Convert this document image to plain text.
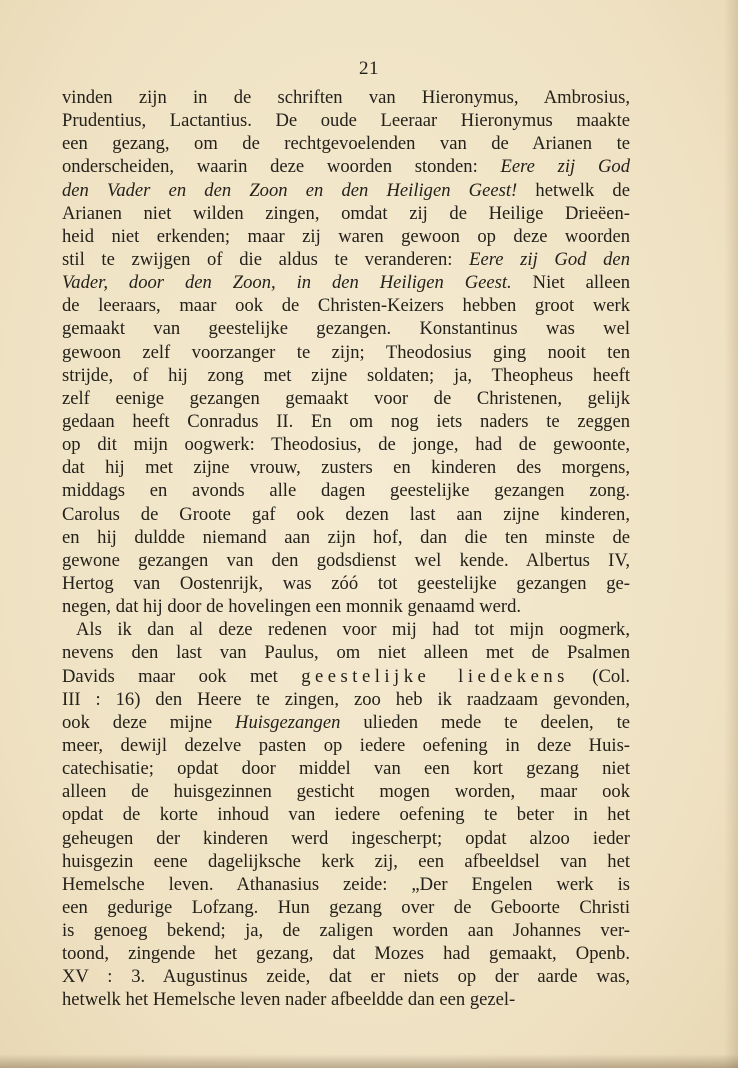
21
vinden zijn in de schriften van Hieronymus, Ambrosius,
Prudentius, Lactantius. De oude Leeraar Hieronymus maakte
een gezang, om de rechtgevoelenden van de Arianen te
onderscheiden, waarin deze woorden stonden: Eere zij God
den Vader en den Zoon en den Heiligen Geest! hetwelk de
Arianen niet wilden zingen, omdat zij de Heilige Drieëen-
heid niet erkenden; maar zij waren gewoon op deze woorden
stil te zwijgen of die aldus te veranderen: Eere zij God den
Vader, door den Zoon, in den Heiligen Geest. Niet alleen
de leeraars, maar ook de Christen-Keizers hebben groot werk
gemaakt van geestelijke gezangen. Konstantinus was wel
gewoon zelf voorzanger te zijn; Theodosius ging nooit ten
strijde, of hij zong met zijne soldaten; ja, Theopheus heeft
zelf eenige gezangen gemaakt voor de Christenen, gelijk
gedaan heeft Conradus II. En om nog iets naders te zeggen
op dit mijn oogwerk: Theodosius, de jonge, had de gewoonte,
dat hij met zijne vrouw, zusters en kinderen des morgens,
middags en avonds alle dagen geestelijke gezangen zong.
Carolus de Groote gaf ook dezen last aan zijne kinderen,
en hij duldde niemand aan zijn hof, dan die ten minste de
gewone gezangen van den godsdienst wel kende. Albertus IV,
Hertog van Oostenrijk, was zóó tot geestelijke gezangen ge-
negen, dat hij door de hovelingen een monnik genaamd werd.
Als ik dan al deze redenen voor mij had tot mijn oogmerk,
nevens den last van Paulus, om niet alleen met de Psalmen
Davids maar ook met geestelijke liedekens (Col.
III : 16) den Heere te zingen, zoo heb ik raadzaam gevonden,
ook deze mijne Huisgezangen ulieden mede te deelen, te
meer, dewijl dezelve pasten op iedere oefening in deze Huis-
catechisatie; opdat door middel van een kort gezang niet
alleen de huisgezinnen gesticht mogen worden, maar ook
opdat de korte inhoud van iedere oefening te beter in het
geheugen der kinderen werd ingescherpt; opdat alzoo ieder
huisgezin eene dagelijksche kerk zij, een afbeeldsel van het
Hemelsche leven. Athanasius zeide: „Der Engelen werk is
een gedurige Lofzang. Hun gezang over de Geboorte Christi
is genoeg bekend; ja, de zaligen worden aan Johannes ver-
toond, zingende het gezang, dat Mozes had gemaakt, Openb.
XV : 3. Augustinus zeide, dat er niets op der aarde was,
hetwelk het Hemelsche leven nader afbeeldde dan een gezel-
